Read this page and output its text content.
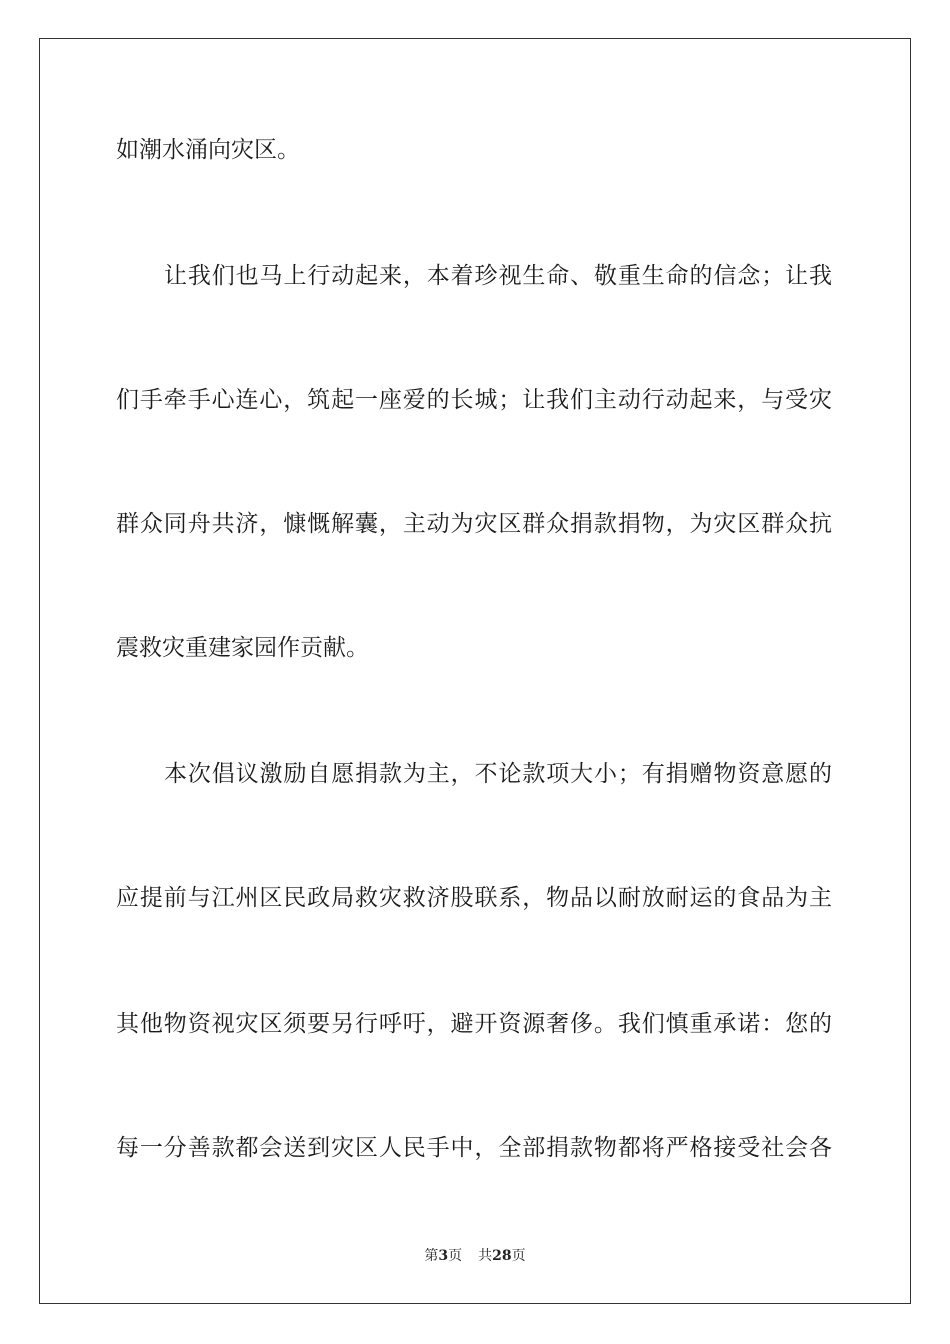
如潮水涌向灾区。
让我们也马上行动起来，本着珍视生命、敬重生命的信念；让我
们手牵手心连心，筑起一座爱的长城；让我们主动行动起来，与受灾
群众同舟共济，慷慨解囊，主动为灾区群众捐款捐物，为灾区群众抗
震救灾重建家园作贡献。
本次倡议激励自愿捐款为主，不论款项大小；有捐赠物资意愿的
应提前与江州区民政局救灾救济股联系，物品以耐放耐运的食品为主
其他物资视灾区须要另行呼吁，避开资源奢侈。我们慎重承诺：您的
每一分善款都会送到灾区人民手中，全部捐款物都将严格接受社会各
第3页 共28页
